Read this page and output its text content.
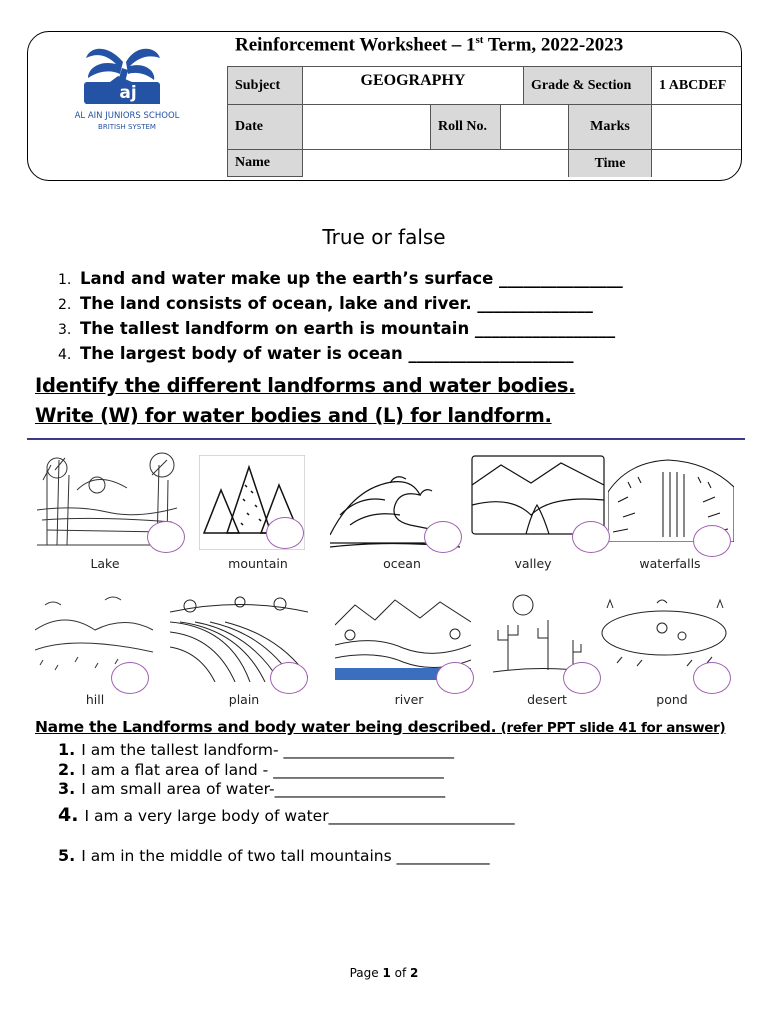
aj
AL AIN JUNIORS SCHOOL
BRITISH SYSTEM
Reinforcement Worksheet – 1st Term, 2022-2023
Subject	GEOGRAPHY	Grade & Section	1 ABCDEF
Date	Roll No.	Marks
Name	Time
True or false
1. Land and water make up the earth’s surface _______________
2. The land consists of ocean, lake and river. ______________
3. The tallest landform on earth is mountain _________________
4. The largest body of water is ocean ____________________
Identify the different landforms and water bodies.
Write (W) for water bodies and (L) for landform.
Lake	mountain	ocean	valley	waterfalls
hill	plain	river	desert	pond
Name the Landforms and body water being described. (refer PPT slide 41 for answer)
1. I am the tallest landform- ______________________
2. I am a flat area of land - ______________________
3. I am small area of water-______________________
4. I am a very large body of water________________________
5. I am in the middle of two tall mountains ____________
Page 1 of 2
